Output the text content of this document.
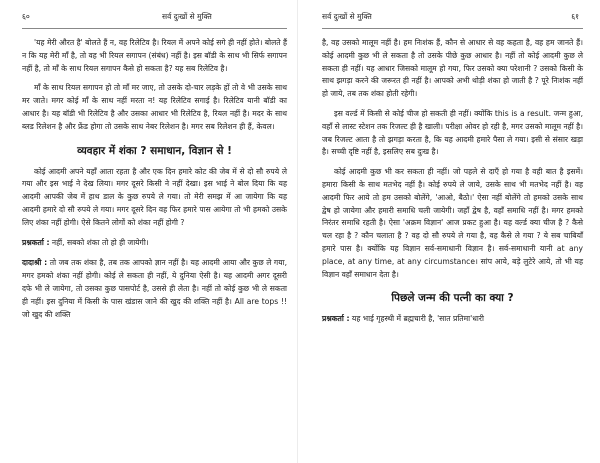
६०	सर्व दुःखों से मुक्ति

'यह मेरी औरत है' बोलते हैं न, वह रिलेटिव है। रियल में अपने कोई सगे ही नहीं होते। बोलते हैं न कि यह मेरी माँ है, तो वह भी रियल सगापन (संबंध) नहीं है। इस बॉडी के साथ भी सिर्फ सगापन नहीं है, तो माँ के साथ रियल सगापन कैसे हो सकता है? यह सब रिलेटिव है।

माँ के साथ रियल सगापन हो तो माँ मर जाए, तो उसके दो-चार लड़के हों तो वे भी उसके साथ मर जाते। मगर कोई माँ के साथ नहीं मरता न! यह रिलेटिव सगाई है। रिलेटिव यानी बॉडी का आधार है। यह बॉडी भी रिलेटिव है और उसका आधार भी रिलेटिव है, रियल नहीं है। मदर के साथ ब्लड रिलेशन है और फ्रेंड होगा तो उसके साथ नेबर रिलेशन है। मगर सब रिलेशन ही हैं, केवल।

व्यवहार में शंका ? समाधान, विज्ञान से !

कोई आदमी अपने यहाँ आता रहता है और एक दिन हमारे कोट की जेब में से दो सौ रुपये ले गया और इस भाई ने देख लिया। मगर दूसरे किसी ने नहीं देखा। इस भाई ने बोल दिया कि यह आदमी आपकी जेब में हाथ डाल के कुछ रुपये ले गया। तो मेरी समझ में आ जायेगा कि यह आदमी हमारे दो सौ रुपये ले गया। मगर दूसरे दिन वह फिर हमारे पास आयेगा तो भी हमको उसके लिए शंका नहीं होगी। ऐसे कितने लोगों को शंका नहीं होगी ?

प्रश्नकर्ता : नहीं, सबको शंका तो हो ही जायेगी।

दादाश्री : तो जब तक शंका है, तब तक आपको ज्ञान नहीं है। यह आदमी आया और कुछ ले गया, मगर हमको शंका नहीं होगी। कोई ले सकता ही नहीं, ये दुनिया ऐसी है। यह आदमी अगर दूसरी दफे भी ले जायेगा, तो उसका कुछ पासपोर्ट है, उससे ही लेता है। नहीं तो कोई कुछ भी ले सकता ही नहीं। इस दुनिया में किसी के पास खंडास जाने की खुद की शक्ति नहीं है। All are tops !! जो खुद की शक्ति

सर्व दुःखों से मुक्ति	६१

है, वह उसको मालूम नहीं है। हम निःशंक हैं, कौन से आधार से वह कहता है, वह हम जानते हैं। कोई आदमी कुछ भी ले सकता है तो उसके पीछे कुछ आधार है। नहीं तो कोई आदमी कुछ ले सकता ही नहीं। यह आधार जिसको मालूम हो गया, फिर उसको क्या परेशानी ? उसको किसी के साथ झगड़ा करने की जरूरत ही नहीं है। आपको अभी थोड़ी शंका हो जाती है ? पूरे निःशंक नहीं हो जाये, तब तक शंका होती रहेगी।

इस वर्ल्ड में किसी से कोई चीज हो सकती ही नहीं। क्योंकि this is a result. जन्म हुआ, वहाँ से लास्ट स्टेशन तक रिजल्ट ही है खाली। परीक्षा ओवर हो रही है, मगर उसको मालूम नहीं है। जब रिजल्ट आता है तो झगड़ा करता है, कि यह आदमी हमारे पैसा ले गया। इसी से संसार खड़ा है। सच्ची दृष्टि नहीं है, इसलिए सब दुःख है।

कोई आदमी कुछ भी कर सकता ही नहीं। जो पहले से दाएँ हो गया है वही बात है इसमें। हमारा किसी के साथ मतभेद नहीं है। कोई रुपये ले जाये, उसके साथ भी मतभेद नहीं है। वह आदमी फिर आये तो हम उसको बोलेंगे, 'आओ, बैठो।' ऐसा नहीं बोलेंगे तो हमको उसके साथ द्वेष हो जायेगा और हमारी समाधि चली जायेगी। जहाँ द्वेष है, वहाँ समाधि नहीं है। मगर हमको निरंतर समाधि रहती है। ऐसा 'अक्रम विज्ञान' आज प्रकट हुआ है। यह वर्ल्ड क्या चीज है ? कैसे चल रहा है ? कौन चलाता है ? वह दो सौ रुपये ले गया है, वह कैसे ले गया ? ये सब चाबियाँ हमारे पास है। क्योंकि यह विज्ञान सर्व-समाधानी विज्ञान है। सर्व-समाधानी यानी at any place, at any time, at any circumstance। सांप आये, बड़े लुटेरे आये, तो भी यह विज्ञान वहाँ समाधान देता है।

पिछले जन्म की पत्नी का क्या ?

प्रश्नकर्ता : यह भाई गृहस्थी में ब्रह्मचारी है, 'सात प्रतिमा'धारी
